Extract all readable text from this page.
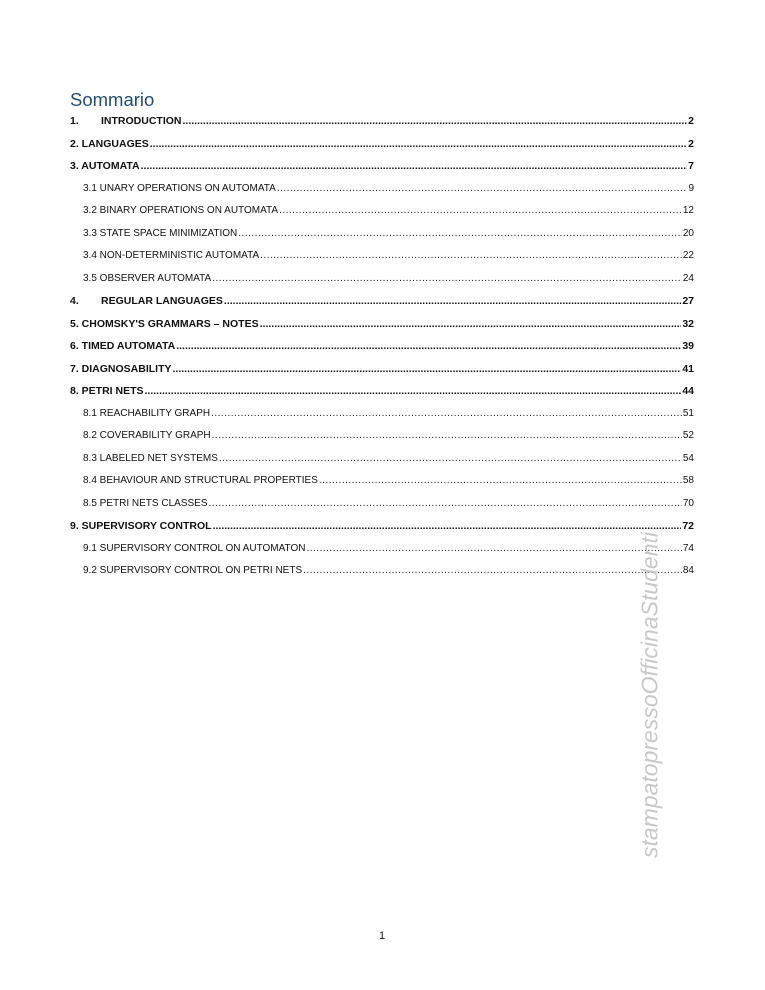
Sommario
1.	INTRODUCTION .....	2
2. LANGUAGES .....	2
3. AUTOMATA .....	7
3.1 UNARY OPERATIONS ON AUTOMATA .....	9
3.2 BINARY OPERATIONS ON AUTOMATA .....	12
3.3 STATE SPACE MINIMIZATION .....	20
3.4 NON-DETERMINISTIC AUTOMATA .....	22
3.5 OBSERVER AUTOMATA .....	24
4.	REGULAR LANGUAGES .....	27
5. CHOMSKY'S GRAMMARS – NOTES .....	32
6. TIMED AUTOMATA .....	39
7. DIAGNOSABILITY .....	41
8. PETRI NETS .....	44
8.1 REACHABILITY GRAPH .....	51
8.2 COVERABILITY GRAPH .....	52
8.3 LABELED NET SYSTEMS .....	54
8.4 BEHAVIOUR AND STRUCTURAL PROPERTIES .....	58
8.5 PETRI NETS CLASSES .....	70
9. SUPERVISORY CONTROL .....	72
9.1 SUPERVISORY CONTROL ON AUTOMATON .....	74
9.2 SUPERVISORY CONTROL ON PETRI NETS .....	84
stampatopressoOfficinaStudenti
1
